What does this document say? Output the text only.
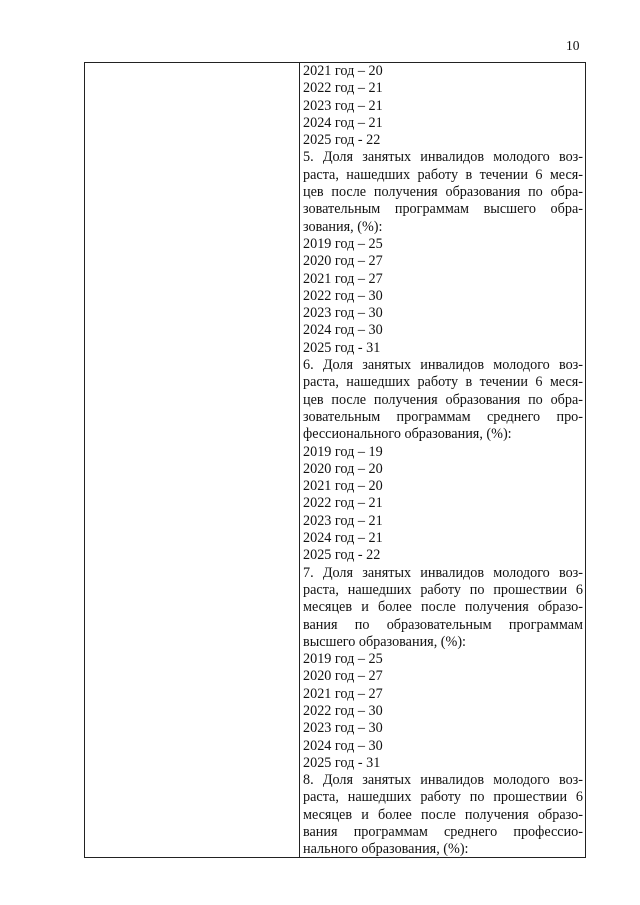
10
2021 год – 20
2022 год – 21
2023 год – 21
2024 год – 21
2025 год - 22
5. Доля занятых инвалидов молодого воз-
раста, нашедших работу в течении 6 меся-
цев после получения образования по обра-
зовательным программам высшего обра-
зования, (%):
2019 год – 25
2020 год – 27
2021 год – 27
2022 год – 30
2023 год – 30
2024 год – 30
2025 год - 31
6. Доля занятых инвалидов молодого воз-
раста, нашедших работу в течении 6 меся-
цев после получения образования по обра-
зовательным программам среднего про-
фессионального образования, (%):
2019 год – 19
2020 год – 20
2021 год – 20
2022 год – 21
2023 год – 21
2024 год – 21
2025 год - 22
7. Доля занятых инвалидов молодого воз-
раста, нашедших работу по прошествии 6
месяцев и более после получения образо-
вания по образовательным программам
высшего образования, (%):
2019 год – 25
2020 год – 27
2021 год – 27
2022 год – 30
2023 год – 30
2024 год – 30
2025 год - 31
8. Доля занятых инвалидов молодого воз-
раста, нашедших работу по прошествии 6
месяцев и более после получения образо-
вания программам среднего профессио-
нального образования, (%):
